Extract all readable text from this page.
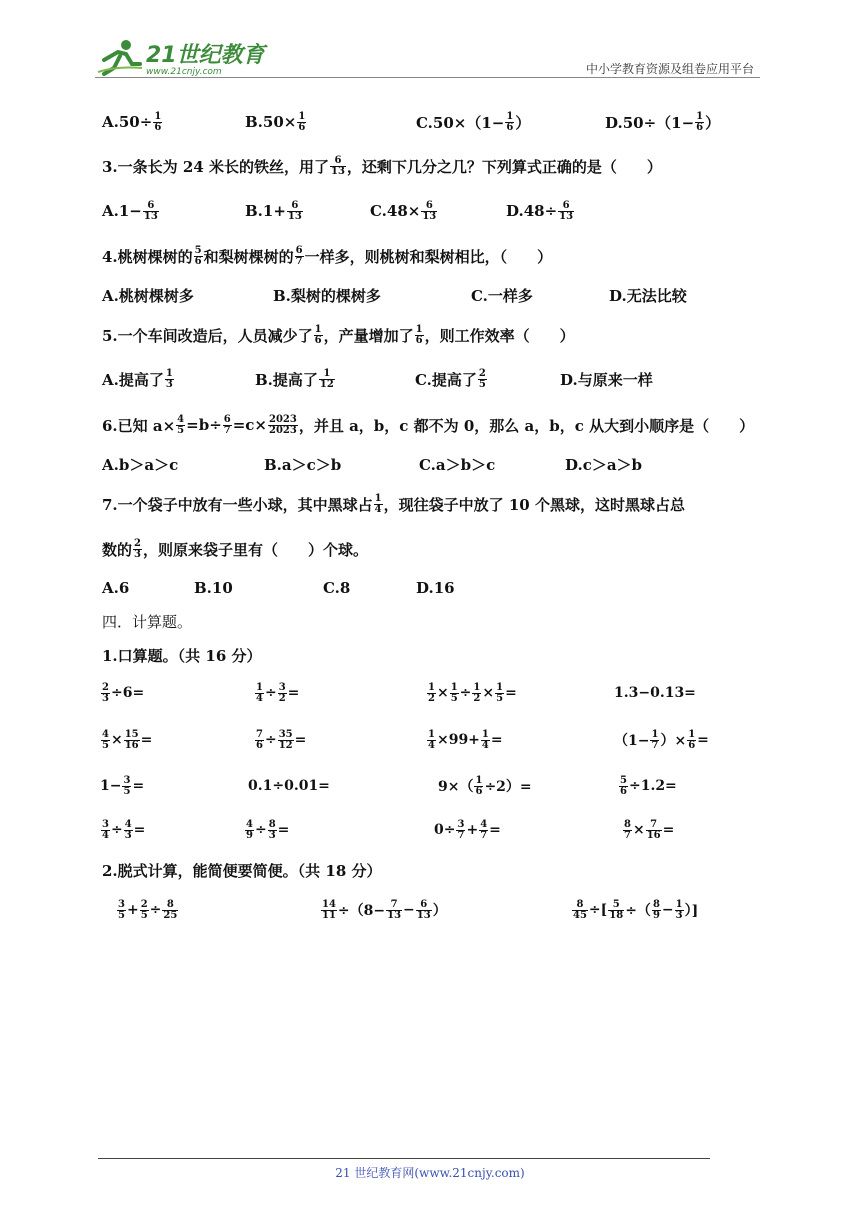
21世纪教育
www.21cnjy.com	中小学教育资源及组卷应用平台
$A.50\div \frac{1}{6}$	$B.50\times \frac{1}{6}$	$C.50\times(1- \frac{1}{6}$ ）	$D.50\div(1- \frac{1}{6}$ ）
3.一条长为 24 米长的铁丝，用了 $\frac{6}{13}$ ，还剩下几分之几？下列算式正确的是（　　）
$A.1- \frac{6}{13}$	$B.1+ \frac{6}{13}$	$C.48\times \frac{6}{13}$	$D.48\div \frac{6}{13}$
4.桃树棵树的 $\frac{5}{6}$ 和梨树棵树的 $\frac{6}{7}$ 一样多，则桃树和梨树相比，（　　）
A.桃树棵树多	B.梨树的棵树多	C.一样多	D.无法比较
5.一个车间改造后，人员减少了 $\frac{1}{6}$ ，产量增加了 $\frac{1}{6}$ ，则工作效率（　　）
A.提高了 $\frac{1}{3}$	B.提高了 $\frac{1}{12}$	C.提高了 $\frac{2}{5}$	D.与原来一样
6.已知 $a\times \frac{4}{5} =b\div \frac{6}{7} =c\times \frac{2023}{2023}$ ，并且 a，b，c 都不为 0，那么 a，b，c 从大到小顺序是（　　）
A.b＞a＞c	B.a＞c＞b	C.a＞b＞c	D.c＞a＞b
7.一个袋子中放有一些小球，其中黑球占 $\frac{1}{4}$ ，现往袋子中放了 10 个黑球，这时黑球占总
数的 $\frac{2}{3}$ ，则原来袋子里有（　　）个球。
A.6	B.10	C.8	D.16
四．计算题。
1.口算题。（共 16 分）
$\frac{2}{3} \div 6=$	$\frac{1}{4} \div \frac{3}{2}$ =	$\frac{1}{2} \times \frac{1}{5} \div \frac{1}{2} \times \frac{1}{5}$ =	1.3−0.13=
$\frac{4}{5} \times \frac{15}{16}$ =	$\frac{7}{6} \div \frac{35}{12}$ =	$\frac{1}{4} \times 99+ \frac{1}{4}$ =	（$1- \frac{1}{7}$ ）× $\frac{1}{6}$ =
$1- \frac{3}{5}$ =	0.1÷0.01=	$9\times( \frac{1}{6} \div 2)=$	$\frac{5}{6} \div 1.2=$
$\frac{3}{4} \div \frac{4}{3}$ =	$\frac{4}{9} \div \frac{8}{3}$ =	$0\div \frac{3}{7} + \frac{4}{7}$ =	$\frac{8}{7} \times \frac{7}{16}$ =
2.脱式计算，能简便要简便。（共 18 分）
$\frac{3}{5} + \frac{2}{5} \div \frac{8}{25}$	$\frac{14}{11} \div(8- \frac{7}{13} - \frac{6}{13}$ ）	$\frac{8}{45}$ ÷[ $\frac{5}{18}$ ÷（ $\frac{8}{9} - \frac{1}{3}$ ）]
21 世纪教育网(www.21cnjy.com)
